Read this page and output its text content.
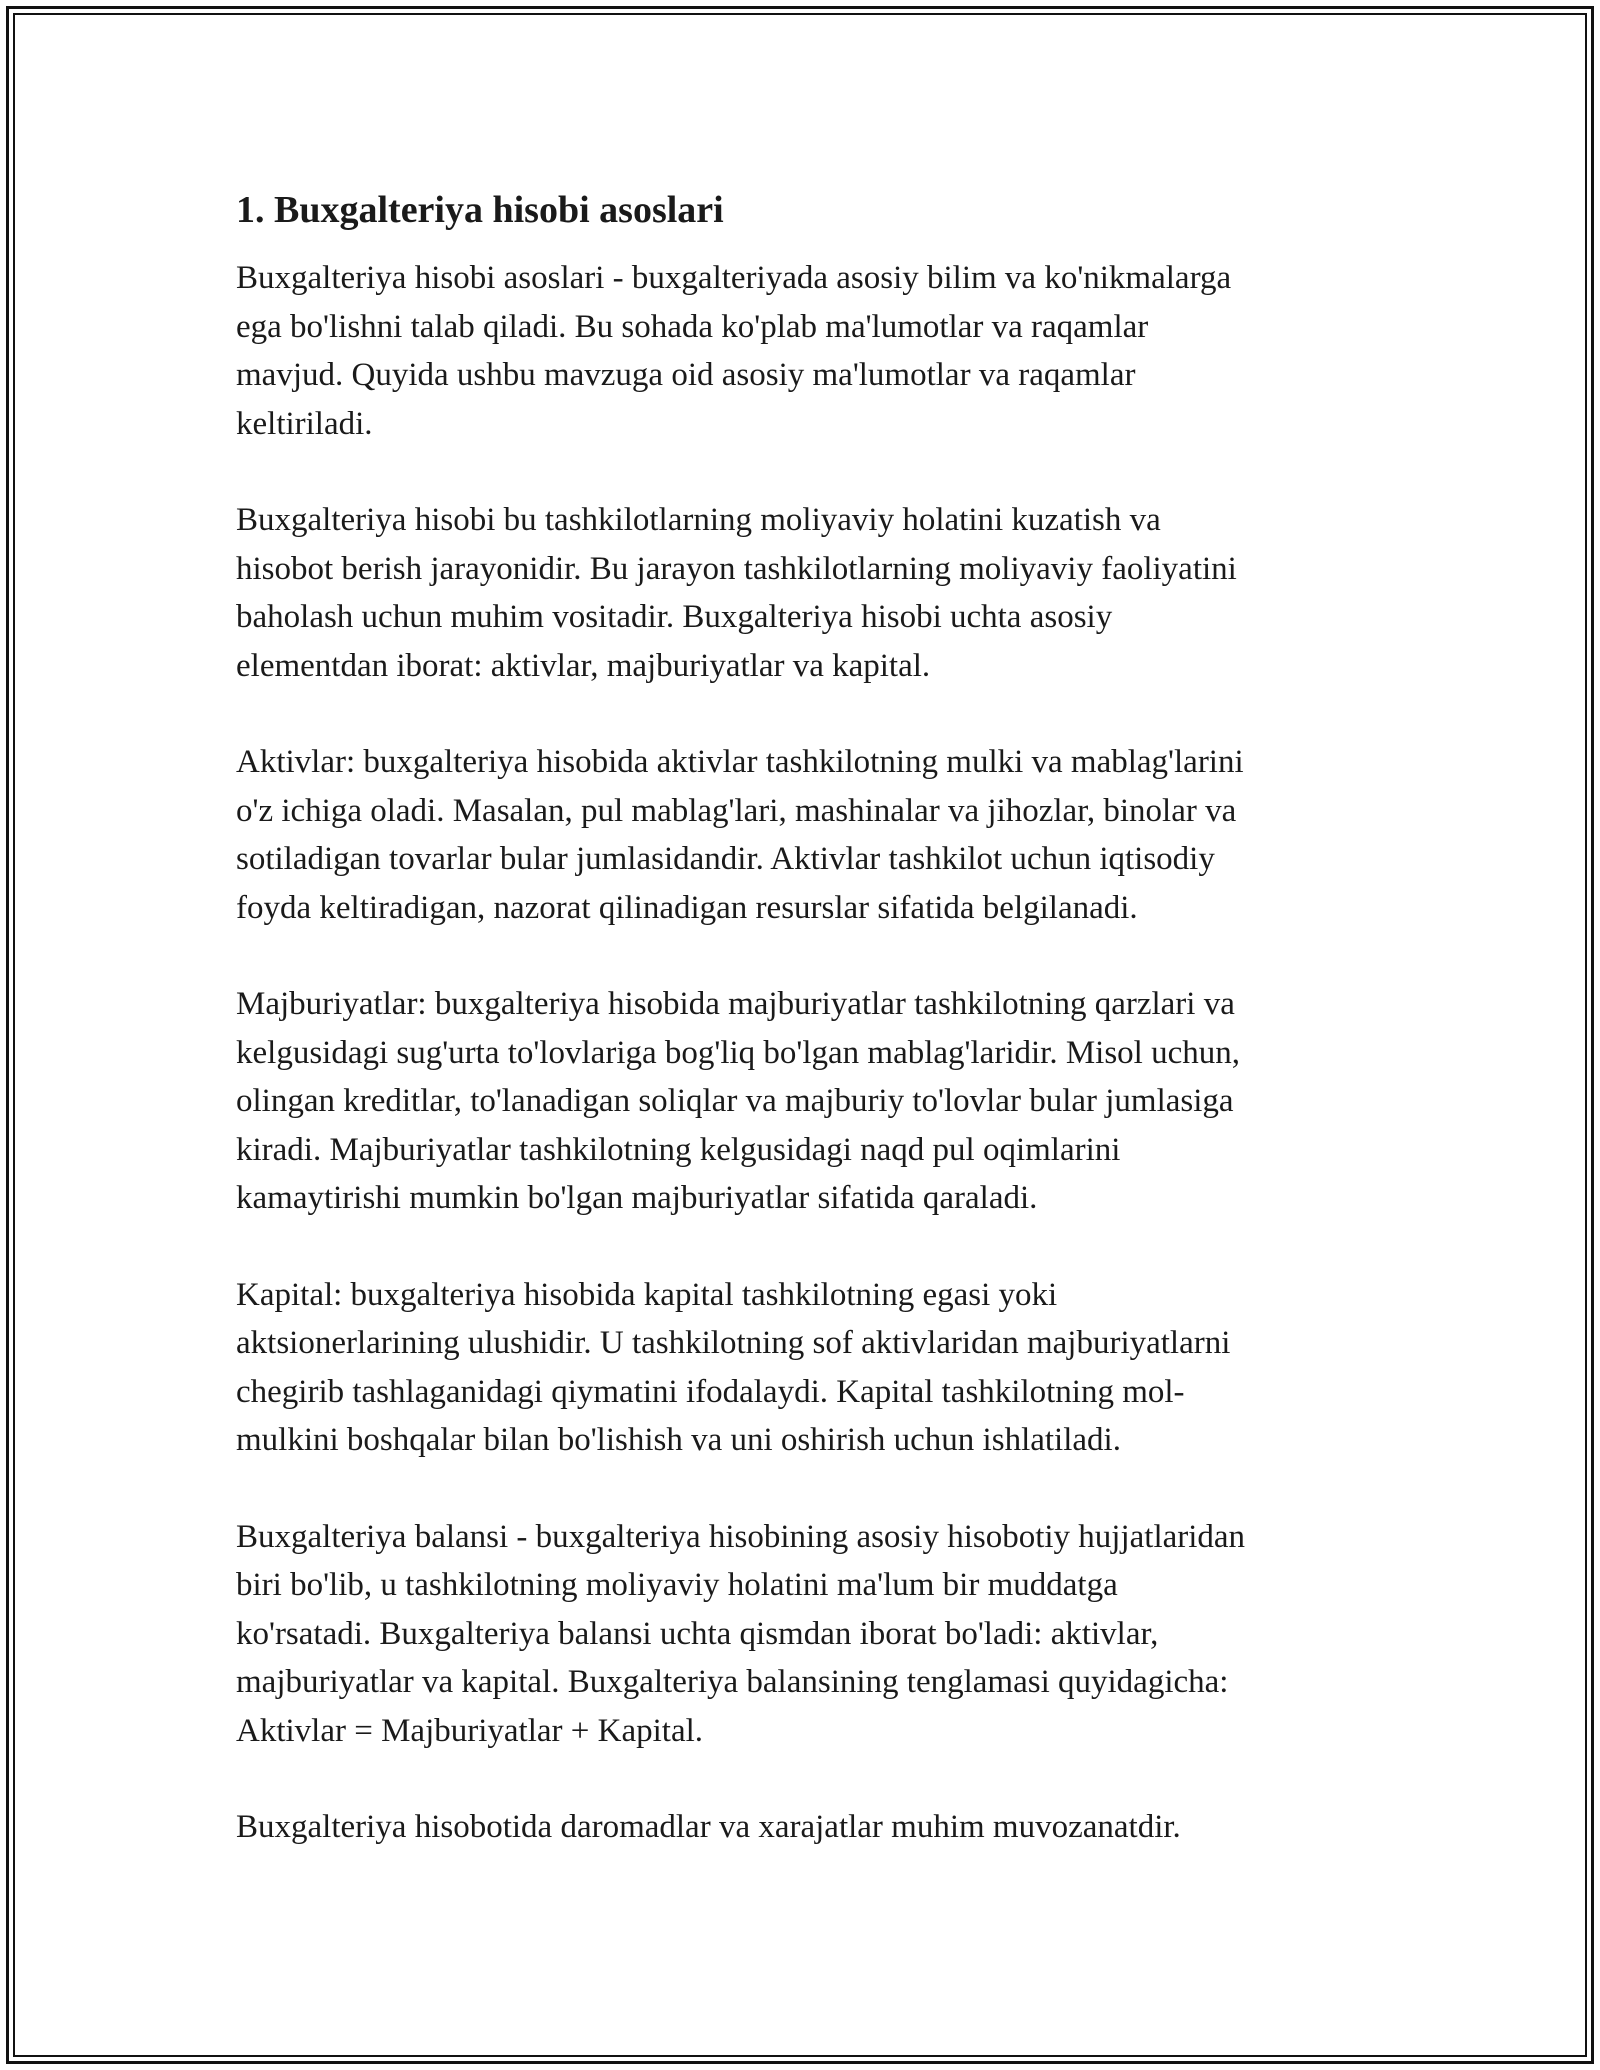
1. Buxgalteriya hisobi asoslari

Buxgalteriya hisobi asoslari - buxgalteriyada asosiy bilim va ko'nikmalarga
ega bo'lishni talab qiladi. Bu sohada ko'plab ma'lumotlar va raqamlar
mavjud. Quyida ushbu mavzuga oid asosiy ma'lumotlar va raqamlar
keltiriladi.

Buxgalteriya hisobi bu tashkilotlarning moliyaviy holatini kuzatish va
hisobot berish jarayonidir. Bu jarayon tashkilotlarning moliyaviy faoliyatini
baholash uchun muhim vositadir. Buxgalteriya hisobi uchta asosiy
elementdan iborat: aktivlar, majburiyatlar va kapital.

Aktivlar: buxgalteriya hisobida aktivlar tashkilotning mulki va mablag'larini
o'z ichiga oladi. Masalan, pul mablag'lari, mashinalar va jihozlar, binolar va
sotiladigan tovarlar bular jumlasidandir. Aktivlar tashkilot uchun iqtisodiy
foyda keltiradigan, nazorat qilinadigan resurslar sifatida belgilanadi.

Majburiyatlar: buxgalteriya hisobida majburiyatlar tashkilotning qarzlari va
kelgusidagi sug'urta to'lovlariga bog'liq bo'lgan mablag'laridir. Misol uchun,
olingan kreditlar, to'lanadigan soliqlar va majburiy to'lovlar bular jumlasiga
kiradi. Majburiyatlar tashkilotning kelgusidagi naqd pul oqimlarini
kamaytirishi mumkin bo'lgan majburiyatlar sifatida qaraladi.

Kapital: buxgalteriya hisobida kapital tashkilotning egasi yoki
aktsionerlarining ulushidir. U tashkilotning sof aktivlaridan majburiyatlarni
chegirib tashlaganidagi qiymatini ifodalaydi. Kapital tashkilotning mol-
mulkini boshqalar bilan bo'lishish va uni oshirish uchun ishlatiladi.

Buxgalteriya balansi - buxgalteriya hisobining asosiy hisobotiy hujjatlaridan
biri bo'lib, u tashkilotning moliyaviy holatini ma'lum bir muddatga
ko'rsatadi. Buxgalteriya balansi uchta qismdan iborat bo'ladi: aktivlar,
majburiyatlar va kapital. Buxgalteriya balansining tenglamasi quyidagicha:
Aktivlar = Majburiyatlar + Kapital.

Buxgalteriya hisobotida daromadlar va xarajatlar muhim muvozanatdir.
